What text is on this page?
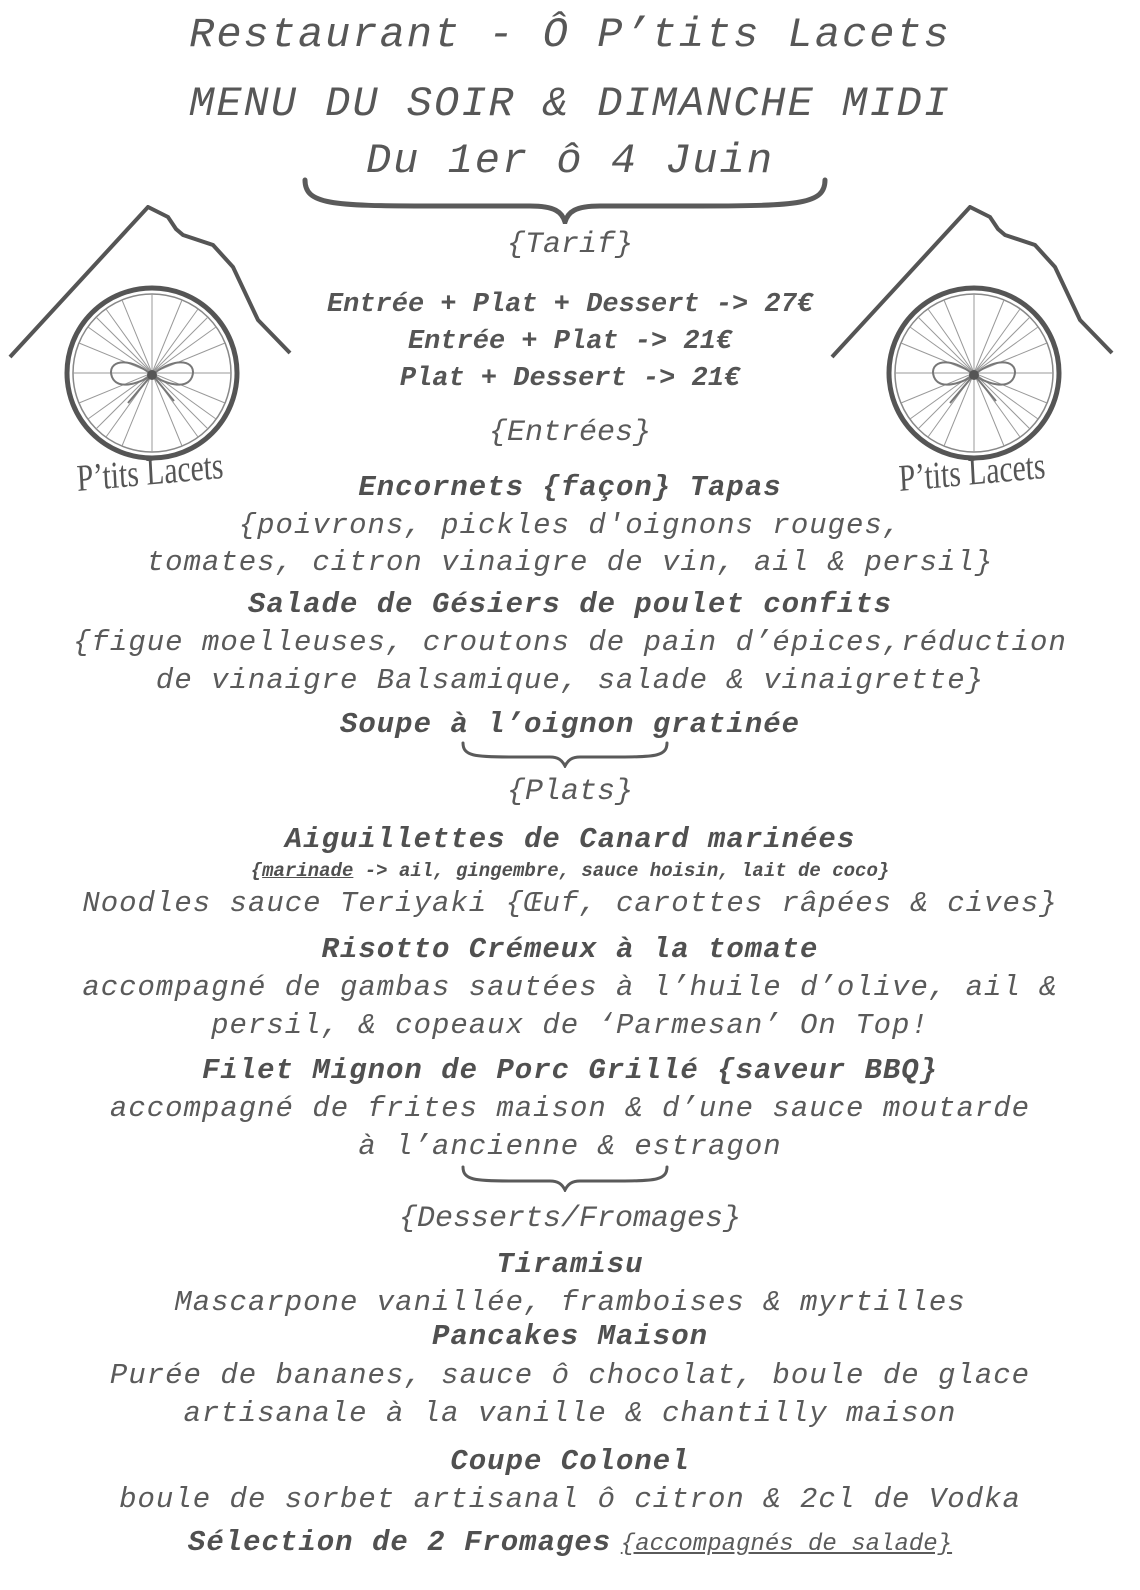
Restaurant - Ô P’tits Lacets
MENU DU SOIR & DIMANCHE MIDI
Du 1er ô 4 Juin
P’tits Lacets	P’tits Lacets
{Tarif}
Entrée + Plat + Dessert -> 27€
Entrée + Plat -> 21€
Plat + Dessert -> 21€
{Entrées}
Encornets {façon} Tapas
{poivrons, pickles d'oignons rouges,
tomates, citron vinaigre de vin, ail & persil}
Salade de Gésiers de poulet confits
{figue moelleuses, croutons de pain d’épices,réduction
de vinaigre Balsamique, salade & vinaigrette}
Soupe à l’oignon gratinée
{Plats}
Aiguillettes de Canard marinées
{marinade -> ail, gingembre, sauce hoisin, lait de coco}
Noodles sauce Teriyaki {Œuf, carottes râpées & cives}
Risotto Crémeux à la tomate
accompagné de gambas sautées à l’huile d’olive, ail &
persil, & copeaux de ‘Parmesan’ On Top!
Filet Mignon de Porc Grillé {saveur BBQ}
accompagné de frites maison & d’une sauce moutarde
à l’ancienne & estragon
{Desserts/Fromages}
Tiramisu
Mascarpone vanillée, framboises & myrtilles
Pancakes Maison
Purée de bananes, sauce ô chocolat, boule de glace
artisanale à la vanille & chantilly maison
Coupe Colonel
boule de sorbet artisanal ô citron & 2cl de Vodka
Sélection de 2 Fromages {accompagnés de salade}
